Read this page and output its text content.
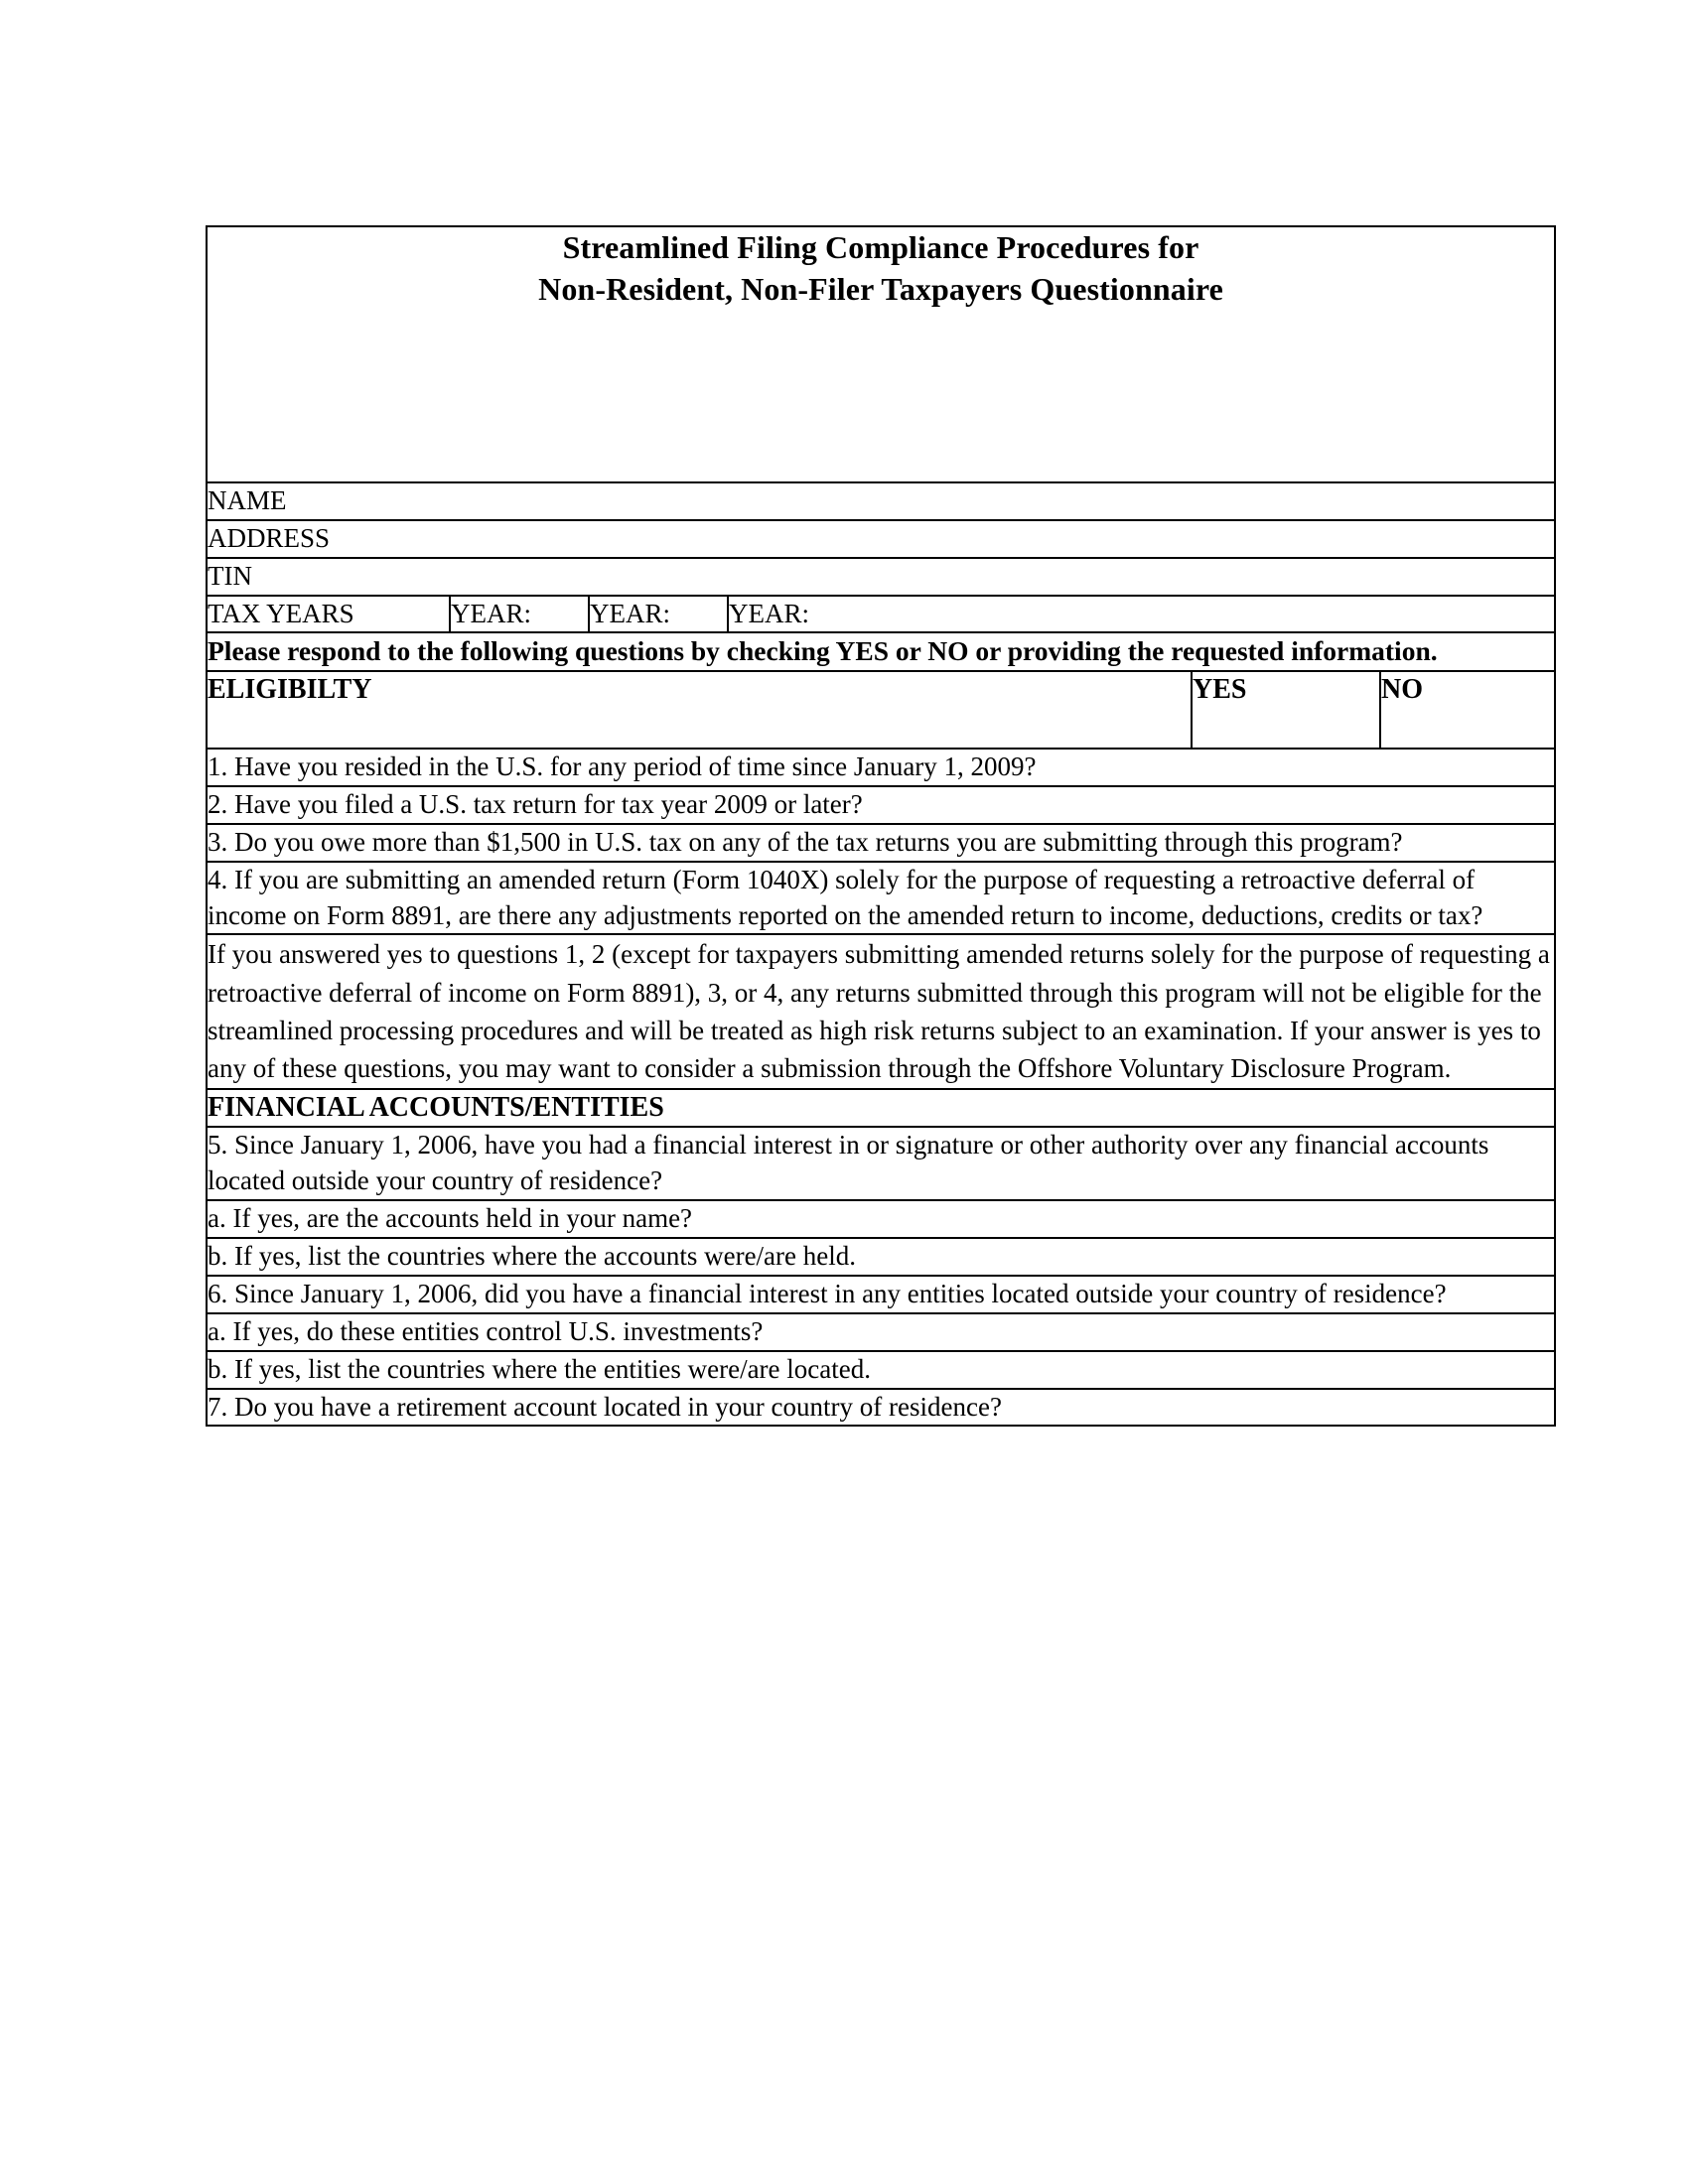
Streamlined Filing Compliance Procedures for
Non-Resident, Non-Filer Taxpayers Questionnaire					

NAME					
ADDRESS					
TIN					
TAX YEARS	YEAR:	YEAR:	YEAR:		

Please respond to the following questions by checking YES or NO or providing the requested information.					

ELIGIBILTY				YES	NO

1. Have you resided in the U.S. for any period of time since January 1, 2009?					

2. Have you filed a U.S. tax return for tax year 2009 or later?					

3. Do you owe more than $1,500 in U.S. tax on any of the tax returns you are submitting through this program?					

4. If you are submitting an amended return (Form 1040X) solely for the purpose of requesting a retroactive deferral of income on Form 8891, are there any adjustments reported on the amended return to income, deductions, credits or tax?					

If you answered yes to questions 1, 2 (except for taxpayers submitting amended returns solely for the purpose of requesting a retroactive deferral of income on Form 8891), 3, or 4, any returns submitted through this program will not be eligible for the streamlined processing procedures and will be treated as high risk returns subject to an examination. If your answer is yes to any of these questions, you may want to consider a submission through the Offshore Voluntary Disclosure Program.					

FINANCIAL ACCOUNTS/ENTITIES					

5. Since January 1, 2006, have you had a financial interest in or signature or other authority over any financial accounts located outside your country of residence?					

a. If yes, are the accounts held in your name?					

b. If yes, list the countries where the accounts were/are held.					

6. Since January 1, 2006, did you have a financial interest in any entities located outside your country of residence?					

a. If yes, do these entities control U.S. investments?					

b. If yes, list the countries where the entities were/are located.					

7. Do you have a retirement account located in your country of residence?					
